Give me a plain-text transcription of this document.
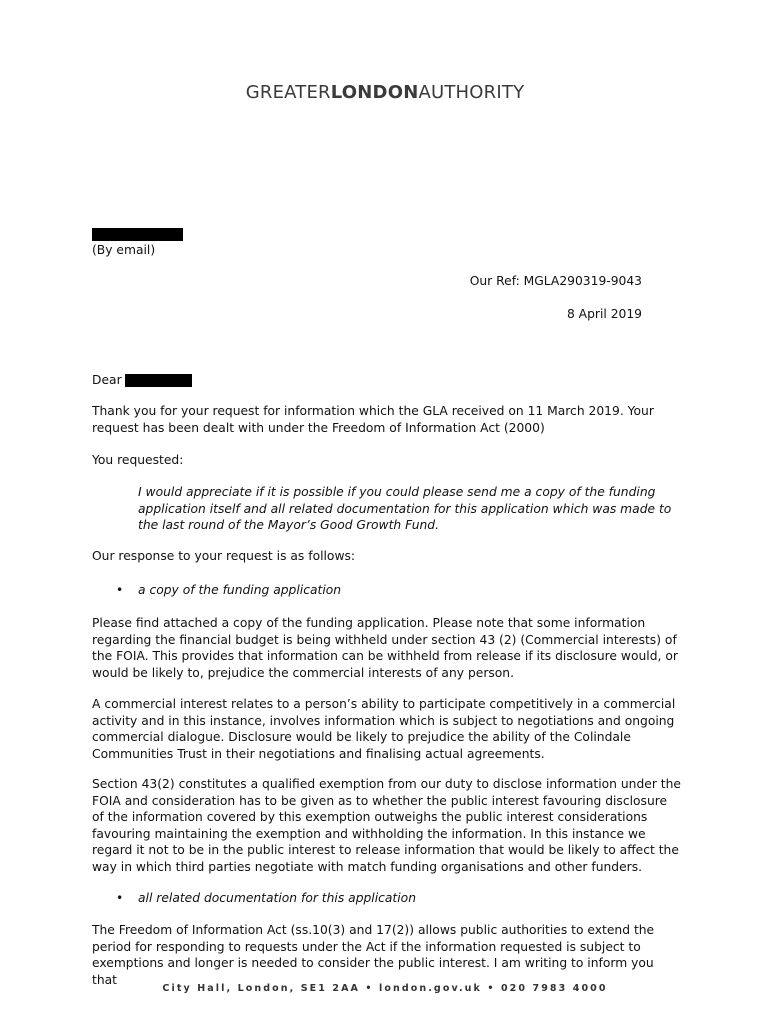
GREATERLONDONAUTHORITY
(By email)
Our Ref: MGLA290319-9043
8 April 2019
Dear
Thank you for your request for information which the GLA received on 11 March 2019. Your request has been dealt with under the Freedom of Information Act (2000)
You requested:
I would appreciate if it is possible if you could please send me a copy of the funding application itself and all related documentation for this application which was made to the last round of the Mayor’s Good Growth Fund.
Our response to your request is as follows:
• a copy of the funding application
Please find attached a copy of the funding application. Please note that some information regarding the financial budget is being withheld under section 43 (2) (Commercial interests) of the FOIA. This provides that information can be withheld from release if its disclosure would, or would be likely to, prejudice the commercial interests of any person.
A commercial interest relates to a person’s ability to participate competitively in a commercial activity and in this instance, involves information which is subject to negotiations and ongoing commercial dialogue. Disclosure would be likely to prejudice the ability of the Colindale Communities Trust in their negotiations and finalising actual agreements.
Section 43(2) constitutes a qualified exemption from our duty to disclose information under the FOIA and consideration has to be given as to whether the public interest favouring disclosure of the information covered by this exemption outweighs the public interest considerations favouring maintaining the exemption and withholding the information. In this instance we regard it not to be in the public interest to release information that would be likely to affect the way in which third parties negotiate with match funding organisations and other funders.
• all related documentation for this application
The Freedom of Information Act (ss.10(3) and 17(2)) allows public authorities to extend the period for responding to requests under the Act if the information requested is subject to exemptions and longer is needed to consider the public interest. I am writing to inform you that
City Hall, London, SE1 2AA • london.gov.uk • 020 7983 4000
